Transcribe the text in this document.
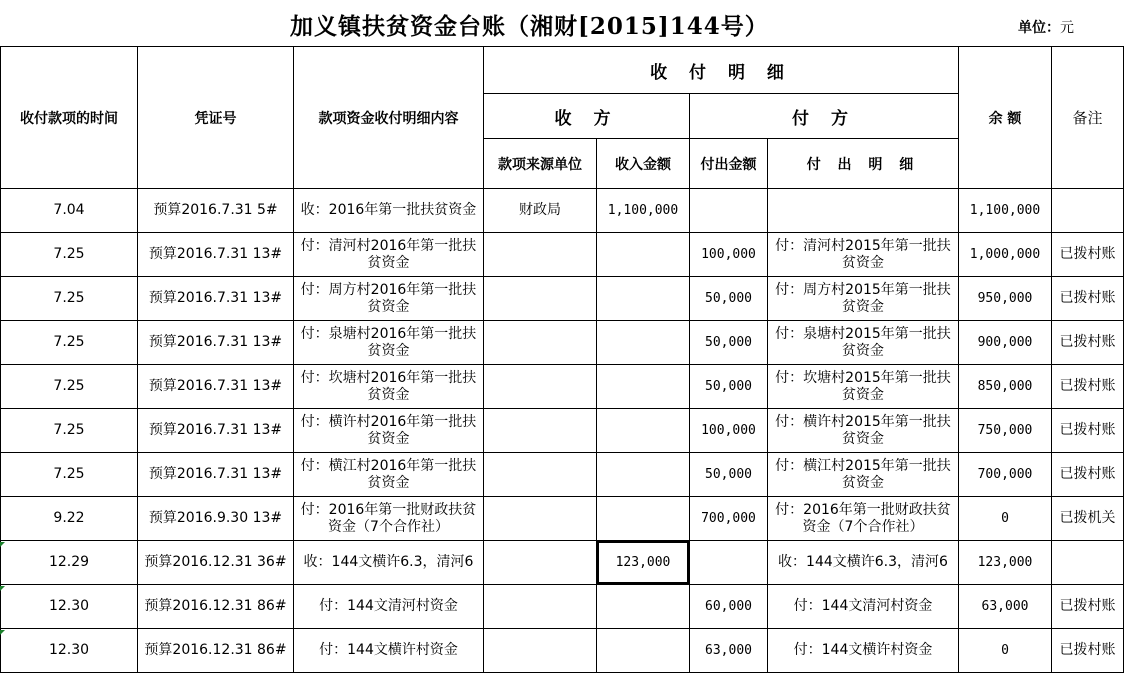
加义镇扶贫资金台账（湘财[2015]144号）	单位：元
收付款项的时间	凭证号	款项资金收付明细内容	收 付 明 细				余 额	备注
			收 方		付 方			
			款项来源单位	收入金额	付出金额	付 出 明 细		
7.04	预算2016.7.31 5#	收：2016年第一批扶贫资金	财政局	1,100,000			1,100,000	
7.25	预算2016.7.31 13#	付：清河村2016年第一批扶贫资金			100,000	付：清河村2015年第一批扶贫资金	1,000,000	已拨村账
7.25	预算2016.7.31 13#	付：周方村2016年第一批扶贫资金			50,000	付：周方村2015年第一批扶贫资金	950,000	已拨村账
7.25	预算2016.7.31 13#	付：泉塘村2016年第一批扶贫资金			50,000	付：泉塘村2015年第一批扶贫资金	900,000	已拨村账
7.25	预算2016.7.31 13#	付：坎塘村2016年第一批扶贫资金			50,000	付：坎塘村2015年第一批扶贫资金	850,000	已拨村账
7.25	预算2016.7.31 13#	付：横许村2016年第一批扶贫资金			100,000	付：横许村2015年第一批扶贫资金	750,000	已拨村账
7.25	预算2016.7.31 13#	付：横江村2016年第一批扶贫资金			50,000	付：横江村2015年第一批扶贫资金	700,000	已拨村账
9.22	预算2016.9.30 13#	付：2016年第一批财政扶贫资金（7个合作社）			700,000	付：2016年第一批财政扶贫资金（7个合作社）	0	已拨机关
12.29	预算2016.12.31 36#	收：144文横许6.3，清河6		123,000		收：144文横许6.3，清河6	123,000	
12.30	预算2016.12.31 86#	付：144文清河村资金			60,000	付：144文清河村资金	63,000	已拨村账
12.30	预算2016.12.31 86#	付：144文横许村资金			63,000	付：144文横许村资金	0	已拨村账
